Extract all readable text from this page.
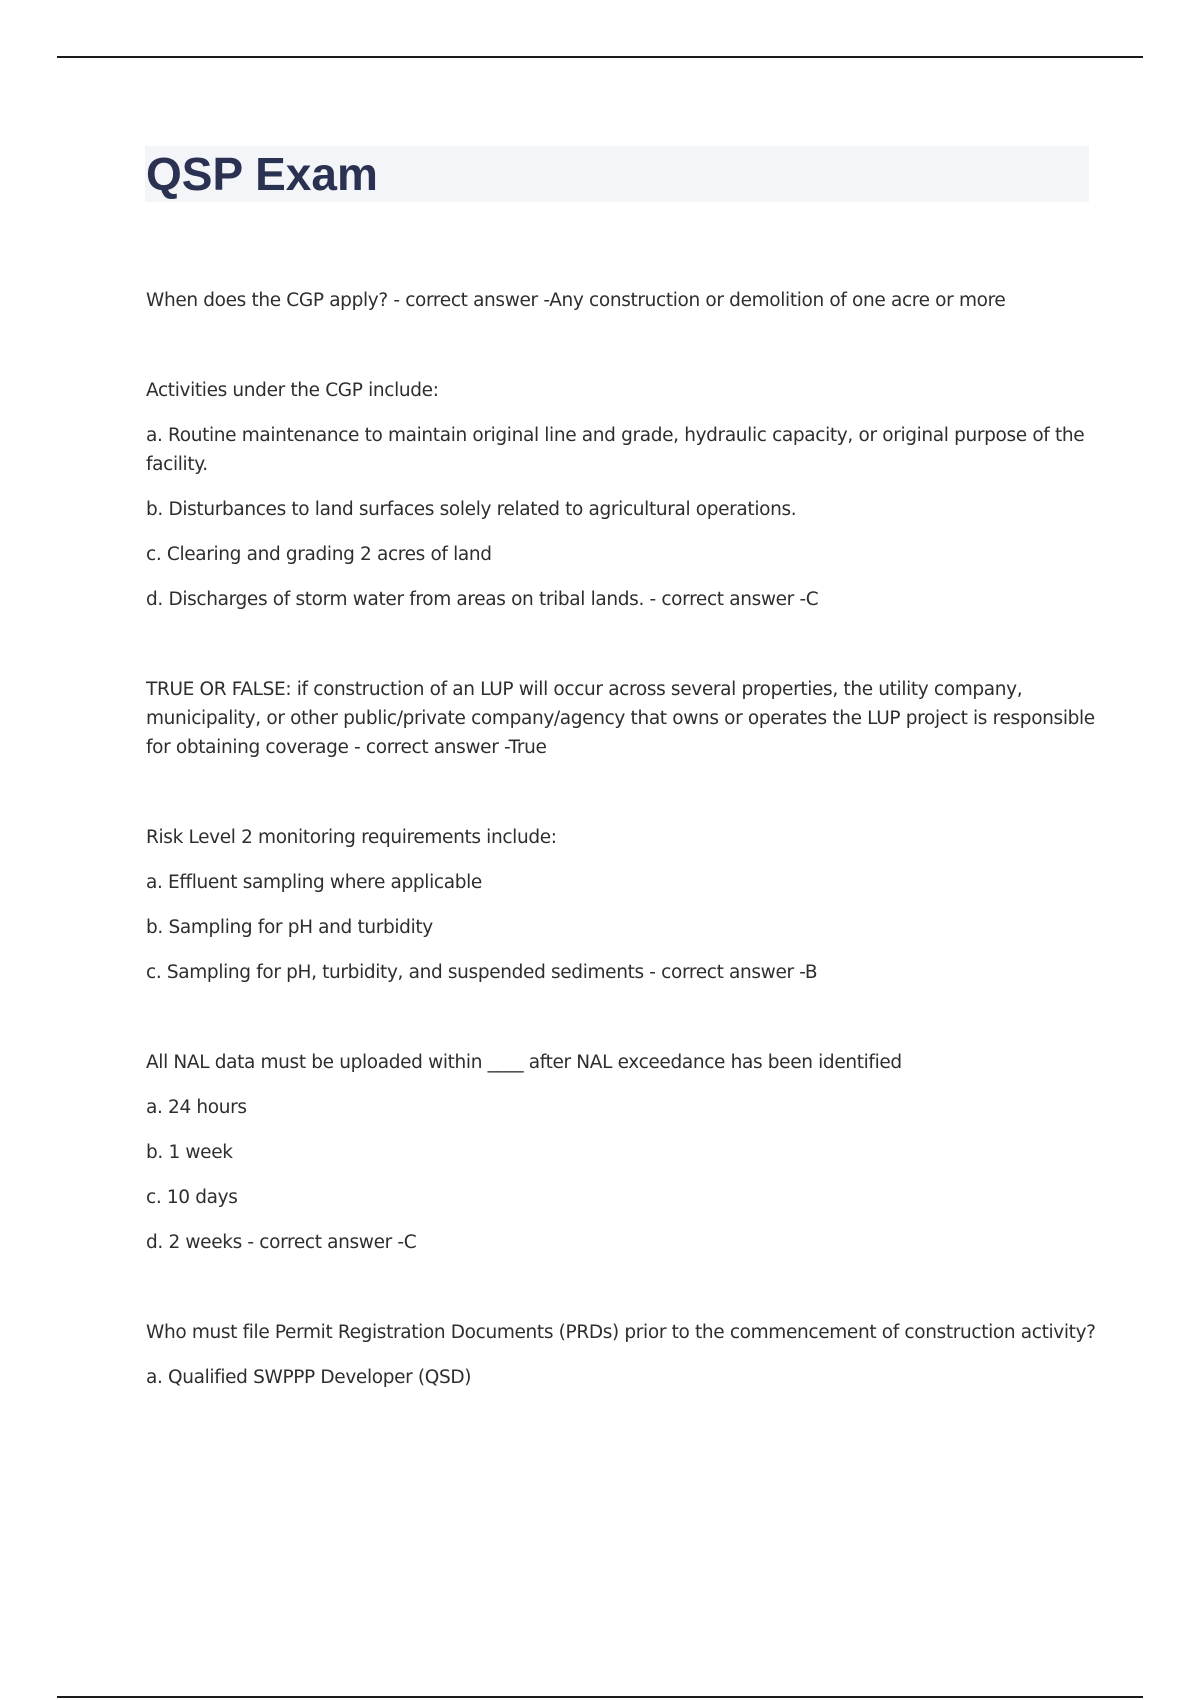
QSP Exam

When does the CGP apply? - correct answer -Any construction or demolition of one acre or more

Activities under the CGP include:

a. Routine maintenance to maintain original line and grade, hydraulic capacity, or original purpose of the facility.

b. Disturbances to land surfaces solely related to agricultural operations.

c. Clearing and grading 2 acres of land

d. Discharges of storm water from areas on tribal lands. - correct answer -C

TRUE OR FALSE: if construction of an LUP will occur across several properties, the utility company, municipality, or other public/private company/agency that owns or operates the LUP project is responsible for obtaining coverage - correct answer -True

Risk Level 2 monitoring requirements include:

a. Effluent sampling where applicable

b. Sampling for pH and turbidity

c. Sampling for pH, turbidity, and suspended sediments - correct answer -B

All NAL data must be uploaded within ____ after NAL exceedance has been identified

a. 24 hours

b. 1 week

c. 10 days

d. 2 weeks - correct answer -C

Who must file Permit Registration Documents (PRDs) prior to the commencement of construction activity?

a. Qualified SWPPP Developer (QSD)
